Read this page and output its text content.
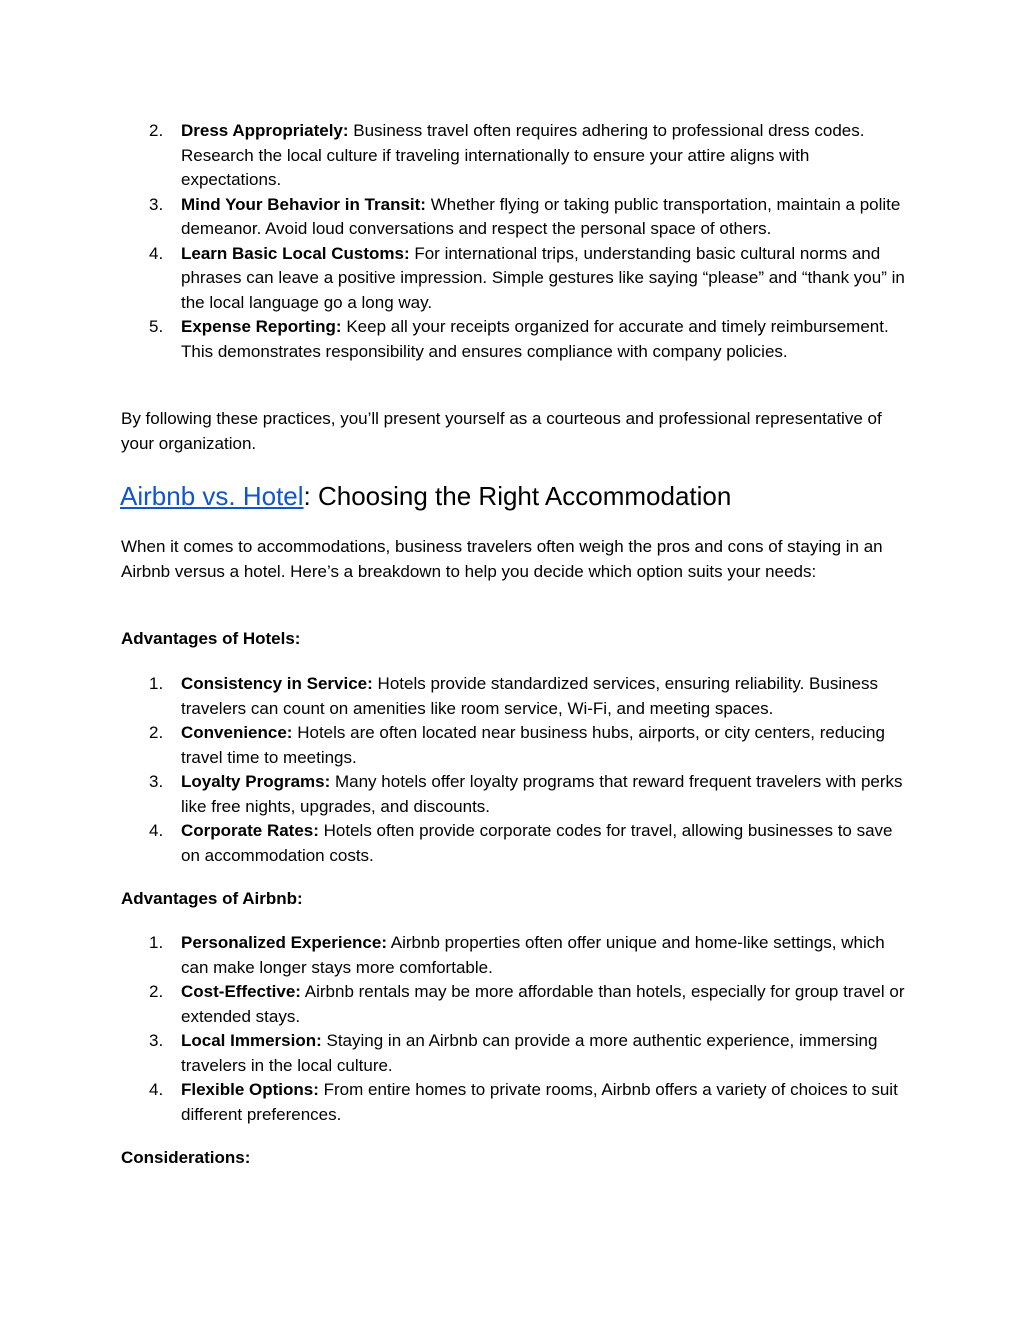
2.	Dress Appropriately: Business travel often requires adhering to professional dress codes. Research the local culture if traveling internationally to ensure your attire aligns with expectations.
3.	Mind Your Behavior in Transit: Whether flying or taking public transportation, maintain a polite demeanor. Avoid loud conversations and respect the personal space of others.
4.	Learn Basic Local Customs: For international trips, understanding basic cultural norms and phrases can leave a positive impression. Simple gestures like saying “please” and “thank you” in the local language go a long way.
5.	Expense Reporting: Keep all your receipts organized for accurate and timely reimbursement. This demonstrates responsibility and ensures compliance with company policies.

By following these practices, you’ll present yourself as a courteous and professional representative of your organization.

Airbnb vs. Hotel: Choosing the Right Accommodation

When it comes to accommodations, business travelers often weigh the pros and cons of staying in an Airbnb versus a hotel. Here’s a breakdown to help you decide which option suits your needs:

Advantages of Hotels:

1.	Consistency in Service: Hotels provide standardized services, ensuring reliability. Business travelers can count on amenities like room service, Wi-Fi, and meeting spaces.
2.	Convenience: Hotels are often located near business hubs, airports, or city centers, reducing travel time to meetings.
3.	Loyalty Programs: Many hotels offer loyalty programs that reward frequent travelers with perks like free nights, upgrades, and discounts.
4.	Corporate Rates: Hotels often provide corporate codes for travel, allowing businesses to save on accommodation costs.

Advantages of Airbnb:

1.	Personalized Experience: Airbnb properties often offer unique and home-like settings, which can make longer stays more comfortable.
2.	Cost-Effective: Airbnb rentals may be more affordable than hotels, especially for group travel or extended stays.
3.	Local Immersion: Staying in an Airbnb can provide a more authentic experience, immersing travelers in the local culture.
4.	Flexible Options: From entire homes to private rooms, Airbnb offers a variety of choices to suit different preferences.

Considerations:
